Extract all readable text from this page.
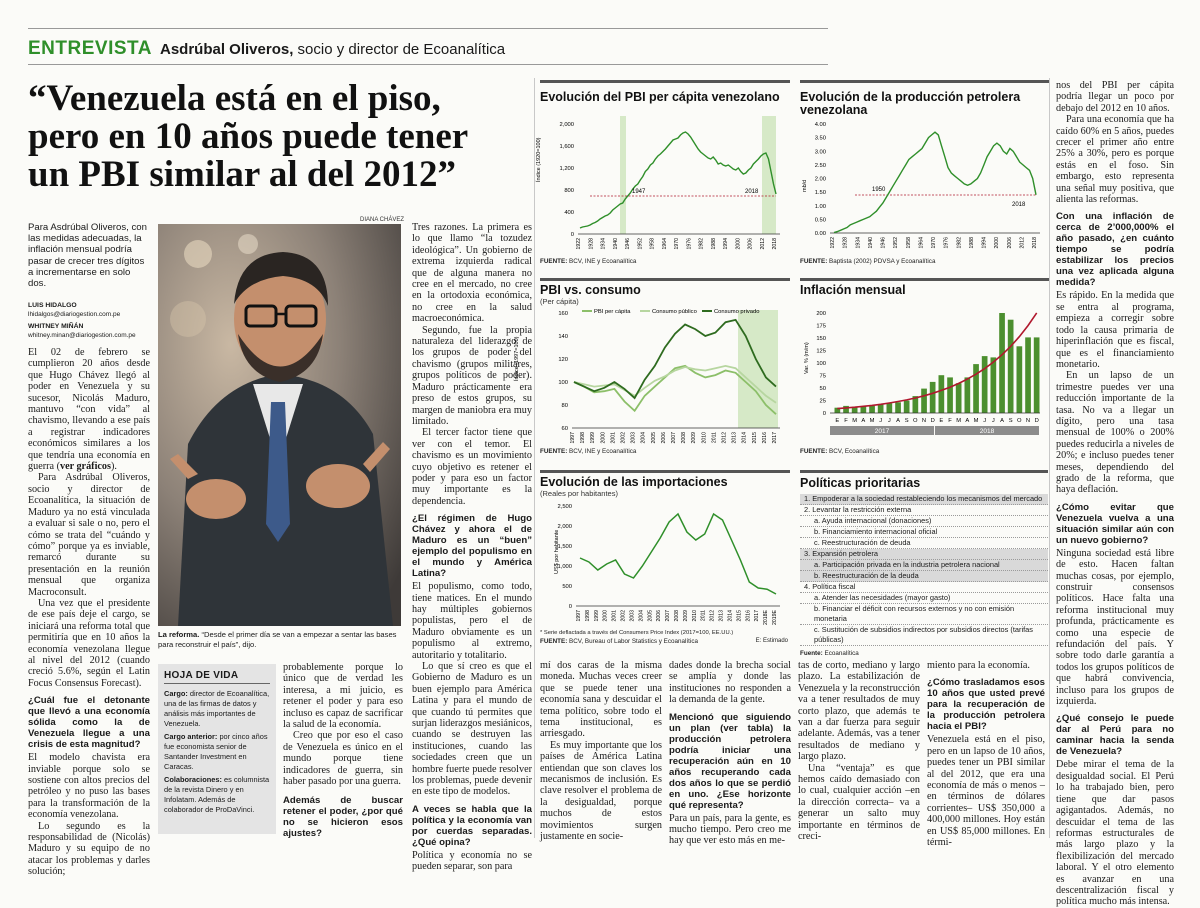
ENTREVISTA Asdrúbal Oliveros, socio y director de Ecoanalítica
“Venezuela está en el piso,
pero en 10 años puede tener
un PBI similar al del 2012”
Para Asdrúbal Oliveros, con las medidas adecuadas, la inflación mensual podría pasar de crecer tres dígitos a incrementarse en solo dos.
LUIS HIDALGO
lhidalgos@diariogestion.com.pe
WHITNEY MIÑÁN
whitney.minan@diariogestion.com.pe

El 02 de febrero se cumplieron 20 años desde que Hugo Chávez llegó al poder en Venezuela y su sucesor, Nicolás Maduro, mantuvo “con vida” al chavismo, llevando a ese país a registrar indicadores económicos similares a los que tendría una economía en guerra (ver gráficos).

Para Asdrúbal Oliveros, socio y director de Ecoanalítica, la situación de Maduro ya no está vinculada a evaluar si sale o no, pero el cómo se trata del “cuándo y cómo” porque ya es inviable, remarcó durante su presentación en la reunión mensual que organiza Macroconsult.

Una vez que el presidente de ese país deje el cargo, se iniciará una reforma total que permitiría que en 10 años la economía venezolana llegue al nivel del 2012 (cuando creció 5.6%, según el Latin Focus Consensus Forecast).

¿Cuál fue el detonante que llevó a una economía sólida como la de Venezuela llegue a una crisis de esta magnitud?

El modelo chavista era inviable porque solo se sostiene con altos precios del petróleo y no puso las bases para la transformación de la economía venezolana.

Lo segundo es la responsabilidad de (Nicolás) Maduro y su equipo de no atacar los problemas y darles solución;

DIANA CHÁVEZ
La reforma. “Desde el primer día se van a empezar a sentar las bases para reconstruir el país”, dijo.
HOJA DE VIDA
Cargo: director de Ecoanalítica, una de las firmas de datos y análisis más importantes de Venezuela.
Cargo anterior: por cinco años fue economista senior de Santander Investment en Caracas.
Colaboraciones: es columnista de la revista Dinero y en Infolatam. Además de colaborador de ProDaVinci.

probablemente porque lo único que de verdad les interesa, a mi juicio, es retener el poder y para eso incluso es capaz de sacrificar la salud de la economía.

Creo que por eso el caso de Venezuela es único en el mundo porque tiene indicadores de guerra, sin haber pasado por una guerra.

Además de buscar retener el poder, ¿por qué no se hicieron esos ajustes?

Tres razones. La primera es lo que llamo “la tozudez ideológica”. Un gobierno de extrema izquierda radical que de alguna manera no cree en el mercado, no cree en la ortodoxia económica, no cree en la salud macroeconómica.

Segundo, fue la propia naturaleza del liderazgo de los grupos de poder del chavismo (grupos militares, grupos políticos de poder). Maduro prácticamente era preso de estos grupos, su margen de maniobra era muy limitado.

El tercer factor tiene que ver con el temor. El chavismo es un movimiento cuyo objetivo es retener el poder y para eso un factor muy importante es la dependencia.

¿El régimen de Hugo Chávez y ahora el de Maduro es un “buen” ejemplo del populismo en el mundo y América Latina?

El populismo, como todo, tiene matices. En el mundo hay múltiples gobiernos populistas, pero el de Maduro obviamente es un populismo al extremo, autoritario y totalitario.

Lo que sí creo es que el Gobierno de Maduro es un buen ejemplo para América Latina y para el mundo de que cuando tú permites que surjan liderazgos mesiánicos, cuando se destruyen las instituciones, cuando las sociedades creen que un hombre fuerte puede resolver los problemas, puede devenir en este tipo de modelos.

A veces se habla que la política y la economía van por cuerdas separadas. ¿Qué opina?

Política y economía no se pueden separar, son para

mí dos caras de la misma moneda. Muchas veces creer que se puede tener una economía sana y descuidar el tema político, sobre todo el tema institucional, es arriesgado.

Es muy importante que los países de América Latina entiendan que son claves los mecanismos de inclusión. Es clave resolver el problema de la desigualdad, porque muchos de estos movimientos surgen justamente en socie-

dades donde la brecha social se amplía y donde las instituciones no responden a la demanda de la gente.

Mencionó que siguiendo un plan (ver tabla) la producción petrolera podría iniciar una recuperación aún en 10 años recuperando cada dos años lo que se perdió en uno. ¿Ese horizonte qué representa?

Para un país, para la gente, es mucho tiempo. Pero creo me hay que ver esto más en me-

tas de corto, mediano y largo plazo. La estabilización de Venezuela y la reconstrucción va a tener resultados de muy corto plazo, que además te van a dar fuerza para seguir adelante. Además, vas a tener resultados de mediano y largo plazo.

Una “ventaja” es que hemos caído demasiado con lo cual, cualquier acción –en la dirección correcta– va a generar un salto muy importante en términos de creci-

miento para la economía.

¿Cómo trasladamos esos 10 años que usted prevé para la recuperación de la producción petrolera hacia el PBI?

Venezuela está en el piso, pero en un lapso de 10 años, puedes tener un PBI similar al del 2012, que era una economía de más o menos –en términos de dólares corrientes– US$ 350,000 a 400,000 millones. Hoy están en US$ 85,000 millones. En térmi-

nos del PBI per cápita podría llegar un poco por debajo del 2012 en 10 años.

Para una economía que ha caído 60% en 5 años, puedes crecer el primer año entre 25% a 30%, pero es porque estás en el foso. Sin embargo, esto representa una señal muy positiva, que alienta las reformas.

Con una inflación de cerca de 2’000,000% el año pasado, ¿en cuánto tiempo se podría estabilizar los precios una vez aplicada alguna medida?

Es rápido. En la medida que se entra al programa, empieza a corregir sobre todo la causa primaria de hiperinflación que es fiscal, que es el financiamiento monetario.

En un lapso de un trimestre puedes ver una reducción importante de la tasa. No va a llegar un dígito, pero una tasa mensual de 100% o 200% puedes reducirla a niveles de 20%; e incluso puedes tener meses, dependiendo del grado de la reforma, que haya deflación.

¿Cómo evitar que Venezuela vuelva a una situación similar aún con un nuevo gobierno?

Ninguna sociedad está libre de esto. Hacen faltan muchas cosas, por ejemplo, construir consensos políticos. Hace falta una reforma institucional muy profunda, prácticamente es como una especie de refundación del país. Y sobre todo darle garantía a todos los grupos políticos de que habrá convivencia, incluso para los grupos de izquierda.

¿Qué consejo le puede dar al Perú para no caminar hacia la senda de Venezuela?

Debe mirar el tema de la desigualdad social. El Perú lo ha trabajado bien, pero tiene que dar pasos agigantados. Además, no descuidar el tema de las reformas estructurales de más largo plazo y la flexibilización del mercado laboral. Y el otro elemento es avanzar en una descentralización fiscal y política mucho más intensa.

Evolución del PBI per cápita venezolano
Índice (1920=100)
2,000
1,600
1,200
800
400
0
1922 1928 1934 1940 1946 1952 1958 1964 1970 1976 1982 1988 1994 2000 2006 2012 2018
1947	2018
FUENTE: BCV, INE y Ecoanalítica
Evolución de la producción petrolera venezolana
mb/d
4.00
3.50
3.00
2.50
2.00
1.50
1.00
0.50
0.00
1922 1928 1934 1940 1946 1952 1958 1964 1970 1976 1982 1988 1994 2000 2006 2012 2018
1950
2018
FUENTE: Baptista (2002) PDVSA y Ecoanalítica
PBI vs. consumo
(Per cápita)
Índice (1997=100)
160
140
120
100
80
60
1997 1998 1999 2000 2001 2002 2003 2004 2005 2006 2007 2008 2009 2010 2011 2012 2013 2014 2015 2016 2017
PBI per cápita	Consumo público	Consumo privado
FUENTE: BCV, INE y Ecoanalítica
Inflación mensual
Var. % (m/m)
200
175
150
125
100
75
50
25
0
E F M A M J J A S O N D E F M A M J J A S O N D
2017	2018
FUENTE: BCV, Ecoanalítica
Evolución de las importaciones
(Reales por habitantes)
US$ por habitante
2,500
2,000
1,500
1,000
500
0
1997 1998 1999 2000 2001 2002 2003 2004 2005 2006 2007 2008 2009 2010 2011 2012 2013 2014 2015 2016 2017 2018E 2019E
* Serie deflactada a través del Consumers Price Index (2017=100, EE.UU.)
E: Estimado
FUENTE: BCV, Bureau of Labor Statistics y Ecoanalítica
Políticas prioritarias
1. Empoderar a la sociedad restableciendo los mecanismos del mercado
2. Levantar la restricción externa
a. Ayuda internacional (donaciones)
b. Financiamiento internacional oficial
c. Reestructuración de deuda
3. Expansión petrolera
a. Participación privada en la industria petrolera nacional
b. Reestructuración de la deuda
4. Política fiscal
a. Atender las necesidades (mayor gasto)
b. Financiar el déficit con recursos externos y no con emisión monetaria
c. Sustitución de subsidios indirectos por subsidios directos (tarifas públicas)
Fuente: Ecoanalítica
